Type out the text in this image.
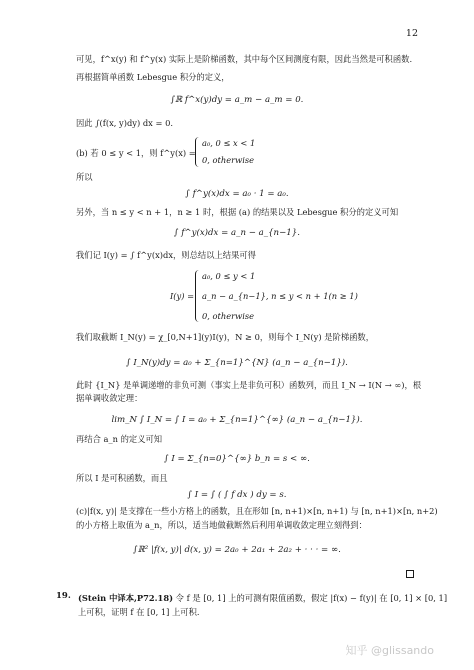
12
可见，f^x(y) 和 f^y(x) 实际上是阶梯函数，其中每个区间测度有限，因此当然是可积函数.
再根据简单函数 Lebesgue 积分的定义，
∫ℝ f^x(y)dy = a_m − a_m = 0.
因此 ∫(f(x, y)dy) dx = 0.
(b) 若 0 ≤ y < 1，则 f^y(x) =
a₀, 0 ≤ x < 1
0, otherwise
所以
∫ f^y(x)dx = a₀ · 1 = a₀.
另外，当 n ≤ y < n + 1，n ≥ 1 时，根据 (a) 的结果以及 Lebesgue 积分的定义可知
∫ f^y(x)dx = a_n − a_{n−1}.
我们记 I(y) = ∫ f^y(x)dx，则总结以上结果可得
I(y) =
a₀, 0 ≤ y < 1
a_n − a_{n−1}, n ≤ y < n + 1(n ≥ 1)
0, otherwise
我们取截断 I_N(y) = χ_[0,N+1](y)I(y)，N ≥ 0，则每个 I_N(y) 是阶梯函数，
∫ I_N(y)dy = a₀ + Σ_{n=1}^{N} (a_n − a_{n−1}).
此时 {I_N} 是单调递增的非负可测（事实上是非负可积）函数列，而且 I_N → I(N → ∞)，根
据单调收敛定理：
lim_N ∫ I_N = ∫ I = a₀ + Σ_{n=1}^{∞} (a_n − a_{n−1}).
再结合 a_n 的定义可知
∫ I = Σ_{n=0}^{∞} b_n = s < ∞.
所以 I 是可积函数，而且
∫ I = ∫ ( ∫ f dx ) dy = s.
(c)|f(x, y)| 是支撑在一些小方格上的函数，且在形如 [n, n+1)×[n, n+1) 与 [n, n+1)×[n, n+2)
的小方格上取值为 a_n，所以，适当地做截断然后利用单调收敛定理立刻得到：
∫ℝ² |f(x, y)| d(x, y) = 2a₀ + 2a₁ + 2a₂ + · · · = ∞.
19. (Stein 中译本,P72.18) 令 f 是 [0, 1] 上的可测有限值函数，假定 |f(x) − f(y)| 在 [0, 1] × [0, 1]
上可积，证明 f 在 [0, 1] 上可积.
知乎 @glissando
